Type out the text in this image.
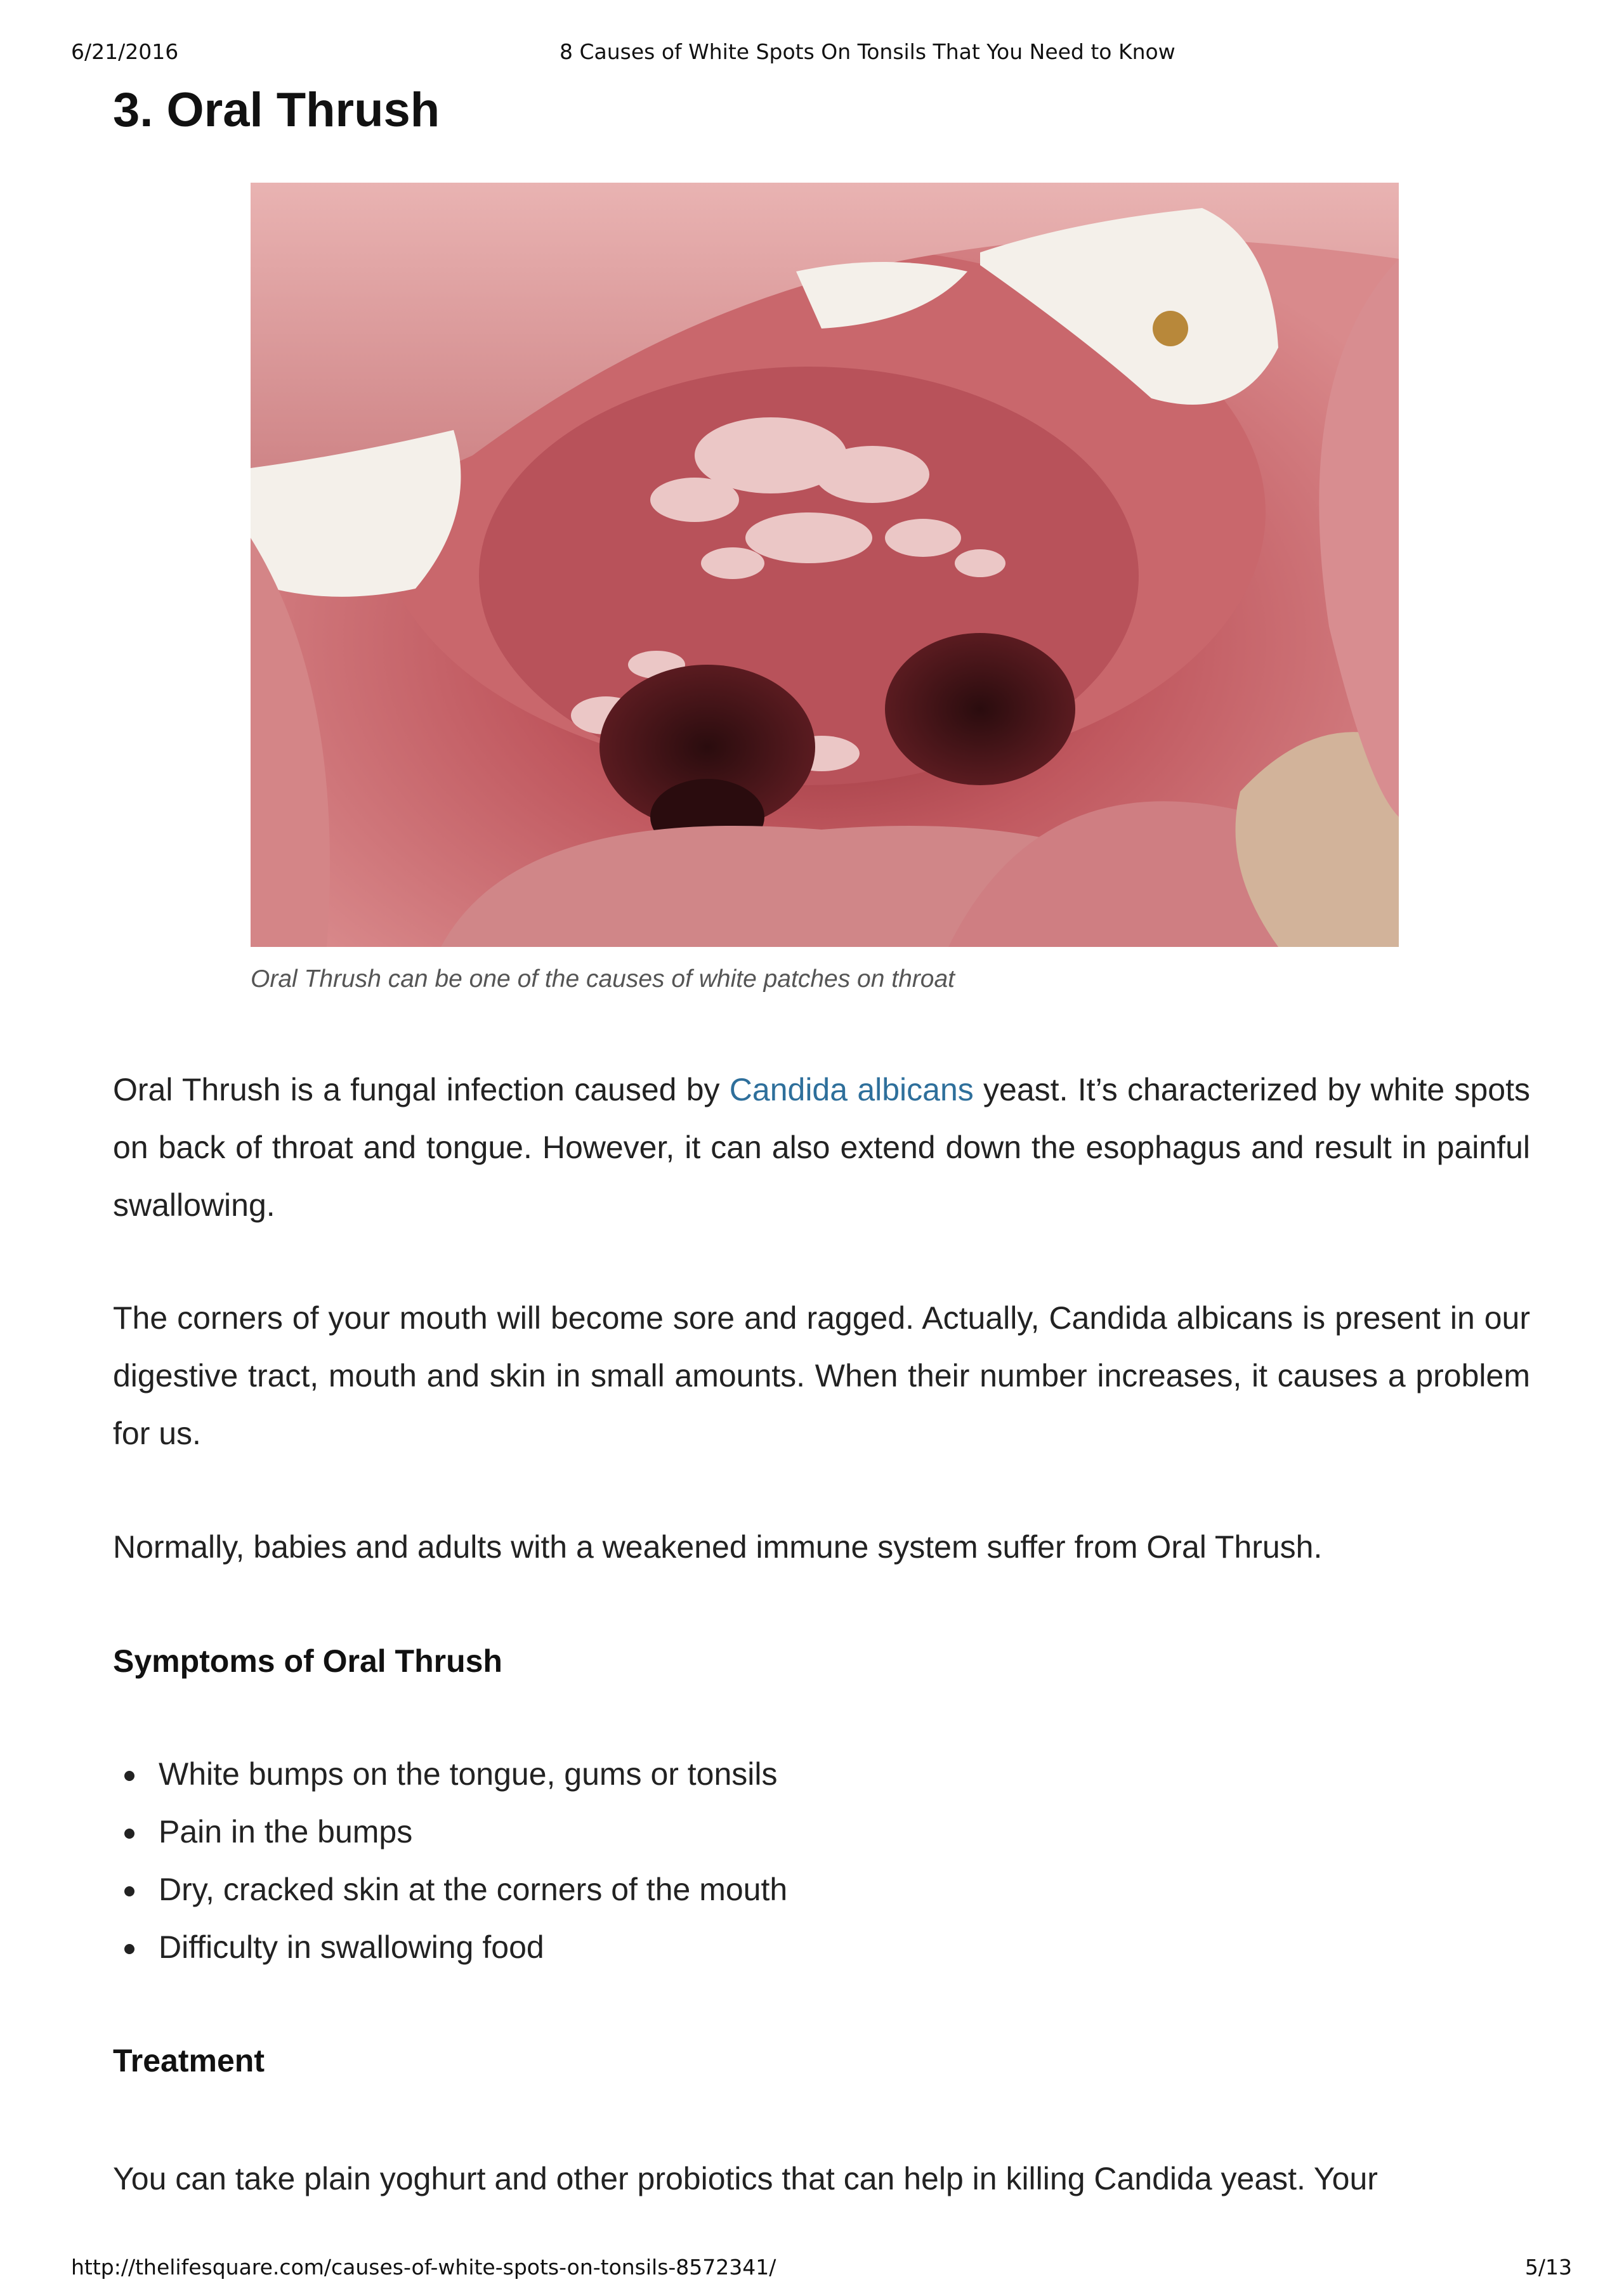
6/21/2016	8 Causes of White Spots On Tonsils That You Need to Know
3. Oral Thrush
Oral Thrush can be one of the causes of white patches on throat

Oral Thrush is a fungal infection caused by Candida albicans yeast. It’s characterized by white spots on back of throat and tongue. However, it can also extend down the esophagus and result in painful swallowing.

The corners of your mouth will become sore and ragged. Actually, Candida albicans is present in our digestive tract, mouth and skin in small amounts. When their number increases, it causes a problem for us.

Normally, babies and adults with a weakened immune system suffer from Oral Thrush.

Symptoms of Oral Thrush
White bumps on the tongue, gums or tonsils
Pain in the bumps
Dry, cracked skin at the corners of the mouth
Difficulty in swallowing food
Treatment

You can take plain yoghurt and other probiotics that can help in killing Candida yeast. Your

http://thelifesquare.com/causes-of-white-spots-on-tonsils-8572341/	5/13
